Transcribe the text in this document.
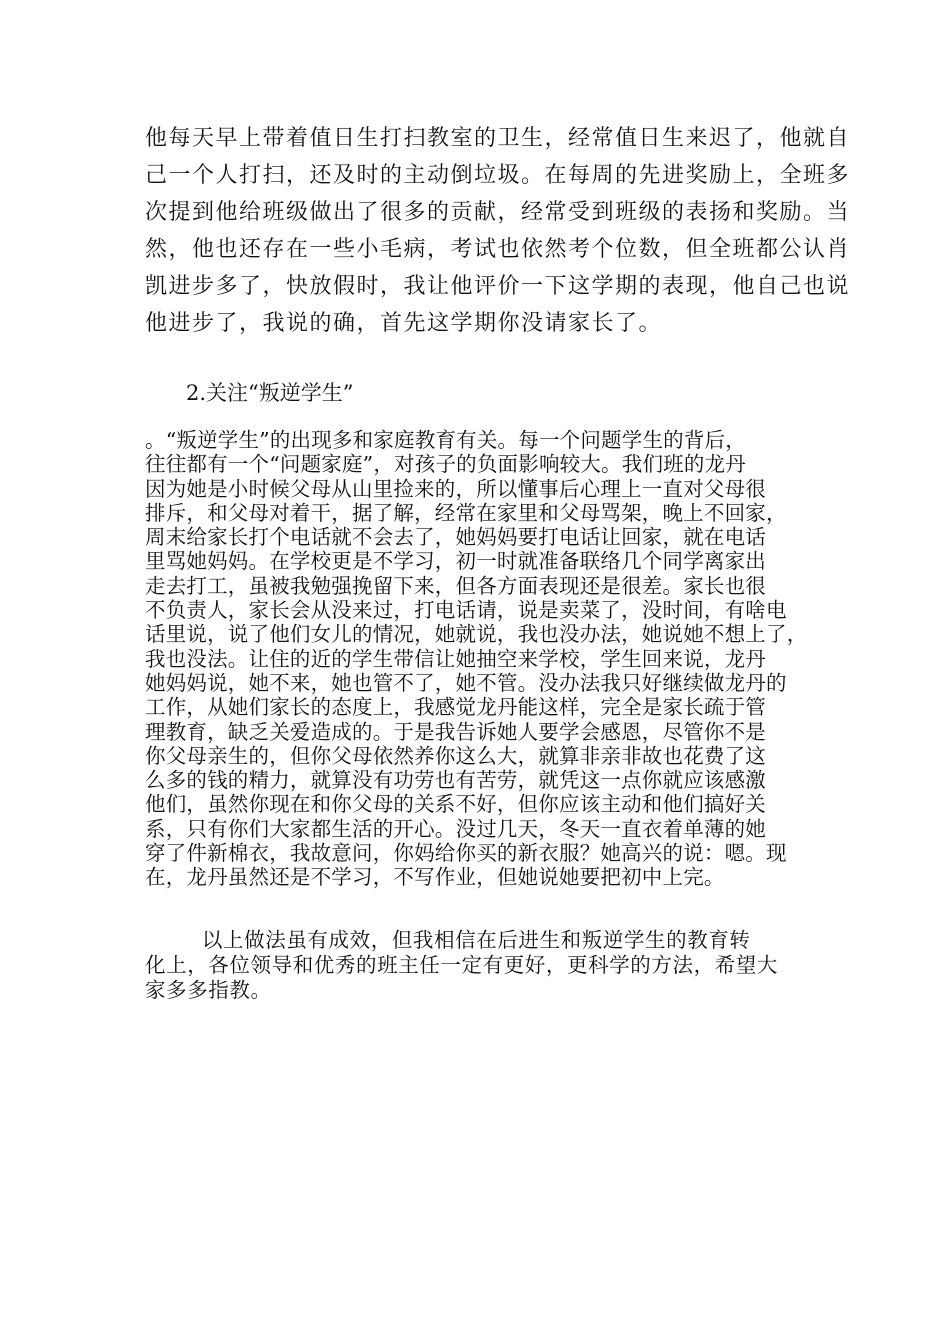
他每天早上带着值日生打扫教室的卫生，经常值日生来迟了，他就自
己一个人打扫，还及时的主动倒垃圾。在每周的先进奖励上，全班多
次提到他给班级做出了很多的贡献，经常受到班级的表扬和奖励。当
然，他也还存在一些小毛病，考试也依然考个位数，但全班都公认肖
凯进步多了，快放假时，我让他评价一下这学期的表现，他自己也说
他进步了，我说的确，首先这学期你没请家长了。
2.关注“叛逆学生”
。“叛逆学生”的出现多和家庭教育有关。每一个问题学生的背后，
往往都有一个“问题家庭”，对孩子的负面影响较大。我们班的龙丹
因为她是小时候父母从山里捡来的，所以懂事后心理上一直对父母很
排斥，和父母对着干，据了解，经常在家里和父母骂架，晚上不回家，
周末给家长打个电话就不会去了，她妈妈要打电话让回家，就在电话
里骂她妈妈。在学校更是不学习，初一时就准备联络几个同学离家出
走去打工，虽被我勉强挽留下来，但各方面表现还是很差。家长也很
不负责人，家长会从没来过，打电话请，说是卖菜了，没时间，有啥电
话里说，说了他们女儿的情况，她就说，我也没办法，她说她不想上了，
我也没法。让住的近的学生带信让她抽空来学校，学生回来说，龙丹
她妈妈说，她不来，她也管不了，她不管。没办法我只好继续做龙丹的
工作，从她们家长的态度上，我感觉龙丹能这样，完全是家长疏于管
理教育，缺乏关爱造成的。于是我告诉她人要学会感恩，尽管你不是
你父母亲生的，但你父母依然养你这么大，就算非亲非故也花费了这
么多的钱的精力，就算没有功劳也有苦劳，就凭这一点你就应该感激
他们，虽然你现在和你父母的关系不好，但你应该主动和他们搞好关
系，只有你们大家都生活的开心。没过几天，冬天一直衣着单薄的她
穿了件新棉衣，我故意问，你妈给你买的新衣服？她高兴的说：嗯。现
在，龙丹虽然还是不学习，不写作业，但她说她要把初中上完。
以上做法虽有成效，但我相信在后进生和叛逆学生的教育转
化上，各位领导和优秀的班主任一定有更好，更科学的方法，希望大
家多多指教。
